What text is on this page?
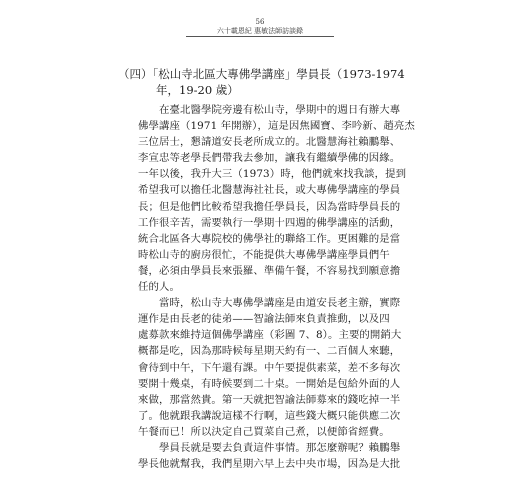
56
六十載恩紀 惠敏法師訪談錄
（四）「松山寺北區大專佛學講座」學員長（1973-1974
年，19-20 歲）
在臺北醫學院旁邊有松山寺，學期中的週日有辦大專
佛學講座（1971 年開辦），這是因焦國寶、李吟新、趙亮杰
三位居士，懇請道安長老所成立的。北醫慧海社賴鵬舉、
李宣忠等老學長們帶我去參加，讓我有繼續學佛的因緣。
一年以後，我升大三（1973）時，他們就來找我談，提到
希望我可以擔任北醫慧海社社長，或大專佛學講座的學員
長；但是他們比較希望我擔任學員長，因為當時學員長的
工作很辛苦，需要執行一學期十四週的佛學講座的活動，
統合北區各大專院校的佛學社的聯絡工作。更困難的是當
時松山寺的廚房很忙，不能提供大專佛學講座學員們午
餐，必須由學員長來張羅、準備午餐，不容易找到願意擔
任的人。
當時，松山寺大專佛學講座是由道安長老主辦，實際
運作是由長老的徒弟——智諭法師來負責推動，以及四
處募款來維持這個佛學講座（彩圖 7、8）。主要的開銷大
概都是吃，因為那時候每星期天約有一、二百個人來聽，
會待到中午，下午還有課。中午要提供素菜，差不多每次
要開十幾桌，有時候要到二十桌。一開始是包給外面的人
來做，那當然貴。第一天就把智諭法師募來的錢吃掉一半
了。他就跟我講說這樣不行啊，這些錢大概只能供應二次
午餐而已！所以決定自己買菜自己煮，以便節省經費。
學員長就是要去負責這件事情。那怎麼辦呢？賴鵬舉
學長他就幫我，我們星期六早上去中央市場，因為是大批
